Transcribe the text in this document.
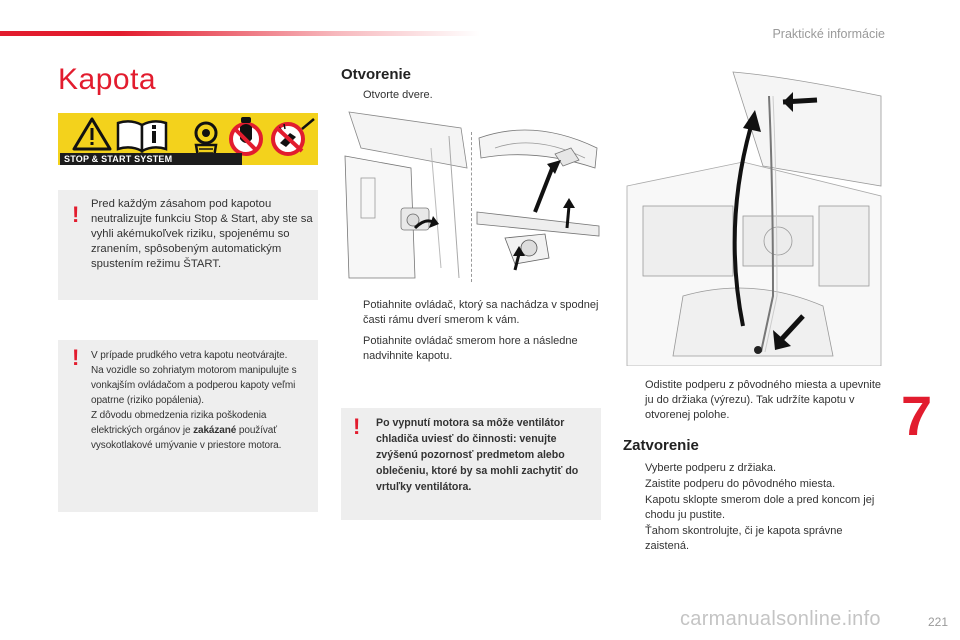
Praktické informácie
Kapota
STOP & START SYSTEM
! Pred každým zásahom pod kapotou neutralizujte funkciu Stop & Start, aby ste sa vyhli akémukoľvek riziku, spojenému so zranením, spôsobeným automatickým spustením režimu ŠTART.

! V prípade prudkého vetra kapotu neotvárajte.
Na vozidle so zohriatym motorom manipulujte s vonkajším ovládačom a podperou kapoty veľmi opatrne (riziko popálenia).
Z dôvodu obmedzenia rizika poškodenia elektrických orgánov je zakázané používať vysokotlakové umývanie v priestore motora.
Otvorenie
Otvorte dvere.
Potiahnite ovládač, ktorý sa nachádza v spodnej časti rámu dverí smerom k vám.
Potiahnite ovládač smerom hore a následne nadvihnite kapotu.
! Po vypnutí motora sa môže ventilátor chladiča uviesť do činnosti: venujte zvýšenú pozornosť predmetom alebo oblečeniu, ktoré by sa mohli zachytiť do vrtuľky ventilátora.

Odistite podperu z pôvodného miesta a upevnite ju do držiaka (výrezu). Tak udržíte kapotu v otvorenej polohe.
Zatvorenie
Vyberte podperu z držiaka.
Zaistite podperu do pôvodného miesta.
Kapotu sklopte smerom dole a pred koncom jej chodu ju pustite.
Ťahom skontrolujte, či je kapota správne zaistená.
7
carmanualsonline.info	221
